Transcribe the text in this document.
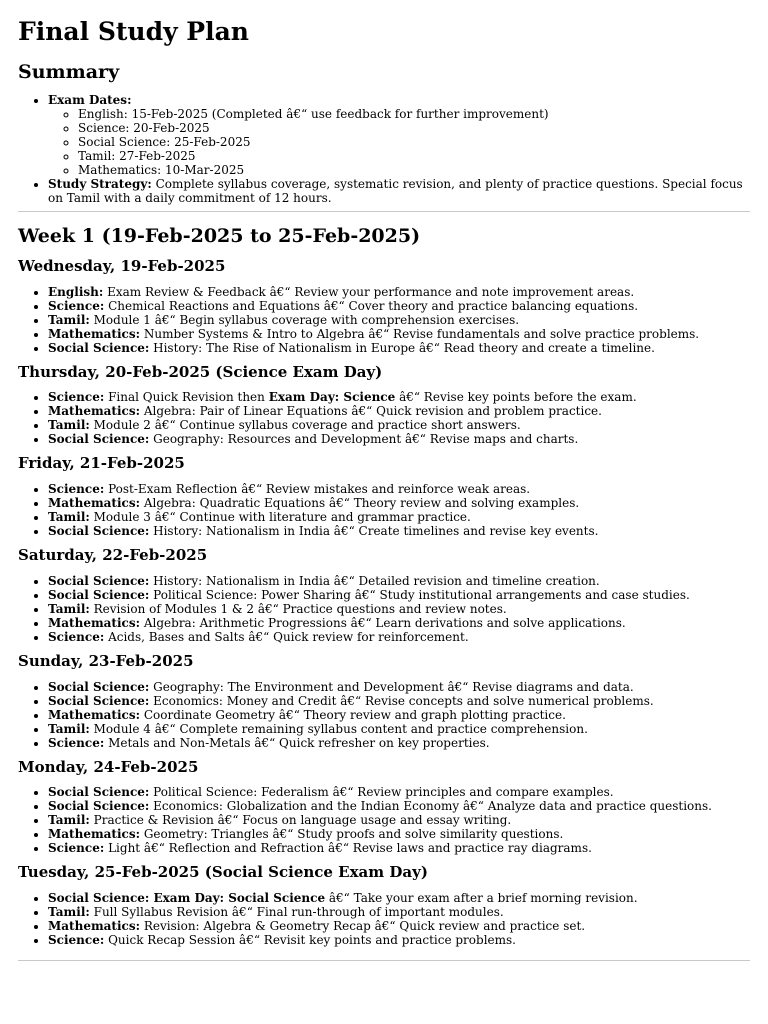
Final Study Plan
Summary
• Exam Dates:
◦ English: 15-Feb-2025 (Completed â€“ use feedback for further improvement)
◦ Science: 20-Feb-2025
◦ Social Science: 25-Feb-2025
◦ Tamil: 27-Feb-2025
◦ Mathematics: 10-Mar-2025
• Study Strategy: Complete syllabus coverage, systematic revision, and plenty of practice questions. Special focus on Tamil with a daily commitment of 12 hours.
Week 1 (19-Feb-2025 to 25-Feb-2025)
Wednesday, 19-Feb-2025
• English: Exam Review & Feedback â€“ Review your performance and note improvement areas.
• Science: Chemical Reactions and Equations â€“ Cover theory and practice balancing equations.
• Tamil: Module 1 â€“ Begin syllabus coverage with comprehension exercises.
• Mathematics: Number Systems & Intro to Algebra â€“ Revise fundamentals and solve practice problems.
• Social Science: History: The Rise of Nationalism in Europe â€“ Read theory and create a timeline.
Thursday, 20-Feb-2025 (Science Exam Day)
• Science: Final Quick Revision then Exam Day: Science â€“ Revise key points before the exam.
• Mathematics: Algebra: Pair of Linear Equations â€“ Quick revision and problem practice.
• Tamil: Module 2 â€“ Continue syllabus coverage and practice short answers.
• Social Science: Geography: Resources and Development â€“ Revise maps and charts.
Friday, 21-Feb-2025
• Science: Post-Exam Reflection â€“ Review mistakes and reinforce weak areas.
• Mathematics: Algebra: Quadratic Equations â€“ Theory review and solving examples.
• Tamil: Module 3 â€“ Continue with literature and grammar practice.
• Social Science: History: Nationalism in India â€“ Create timelines and revise key events.
Saturday, 22-Feb-2025
• Social Science: History: Nationalism in India â€“ Detailed revision and timeline creation.
• Social Science: Political Science: Power Sharing â€“ Study institutional arrangements and case studies.
• Tamil: Revision of Modules 1 & 2 â€“ Practice questions and review notes.
• Mathematics: Algebra: Arithmetic Progressions â€“ Learn derivations and solve applications.
• Science: Acids, Bases and Salts â€“ Quick review for reinforcement.
Sunday, 23-Feb-2025
• Social Science: Geography: The Environment and Development â€“ Revise diagrams and data.
• Social Science: Economics: Money and Credit â€“ Revise concepts and solve numerical problems.
• Mathematics: Coordinate Geometry â€“ Theory review and graph plotting practice.
• Tamil: Module 4 â€“ Complete remaining syllabus content and practice comprehension.
• Science: Metals and Non-Metals â€“ Quick refresher on key properties.
Monday, 24-Feb-2025
• Social Science: Political Science: Federalism â€“ Review principles and compare examples.
• Social Science: Economics: Globalization and the Indian Economy â€“ Analyze data and practice questions.
• Tamil: Practice & Revision â€“ Focus on language usage and essay writing.
• Mathematics: Geometry: Triangles â€“ Study proofs and solve similarity questions.
• Science: Light â€“ Reflection and Refraction â€“ Revise laws and practice ray diagrams.
Tuesday, 25-Feb-2025 (Social Science Exam Day)
• Social Science: Exam Day: Social Science â€“ Take your exam after a brief morning revision.
• Tamil: Full Syllabus Revision â€“ Final run-through of important modules.
• Mathematics: Revision: Algebra & Geometry Recap â€“ Quick review and practice set.
• Science: Quick Recap Session â€“ Revisit key points and practice problems.
